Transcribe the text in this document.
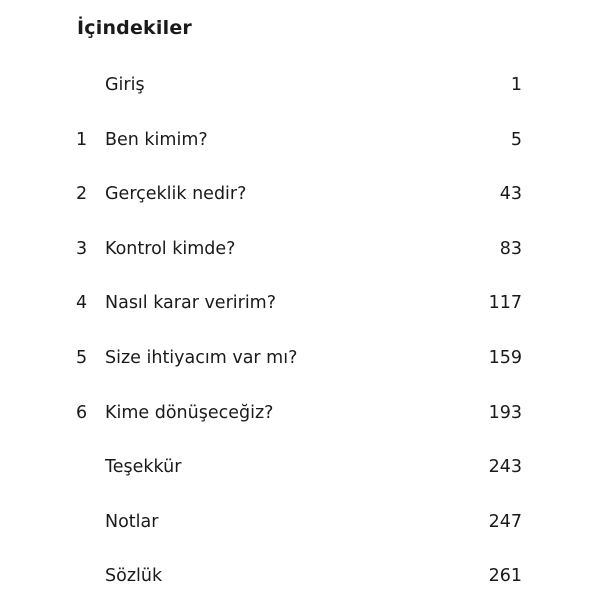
İçindekiler
Giriş	1
1 Ben kimim?	5
2 Gerçeklik nedir?	43
3 Kontrol kimde?	83
4 Nasıl karar veririm?	117
5 Size ihtiyacım var mı?	159
6 Kime dönüşeceğiz?	193
Teşekkür	243
Notlar	247
Sözlük	261
